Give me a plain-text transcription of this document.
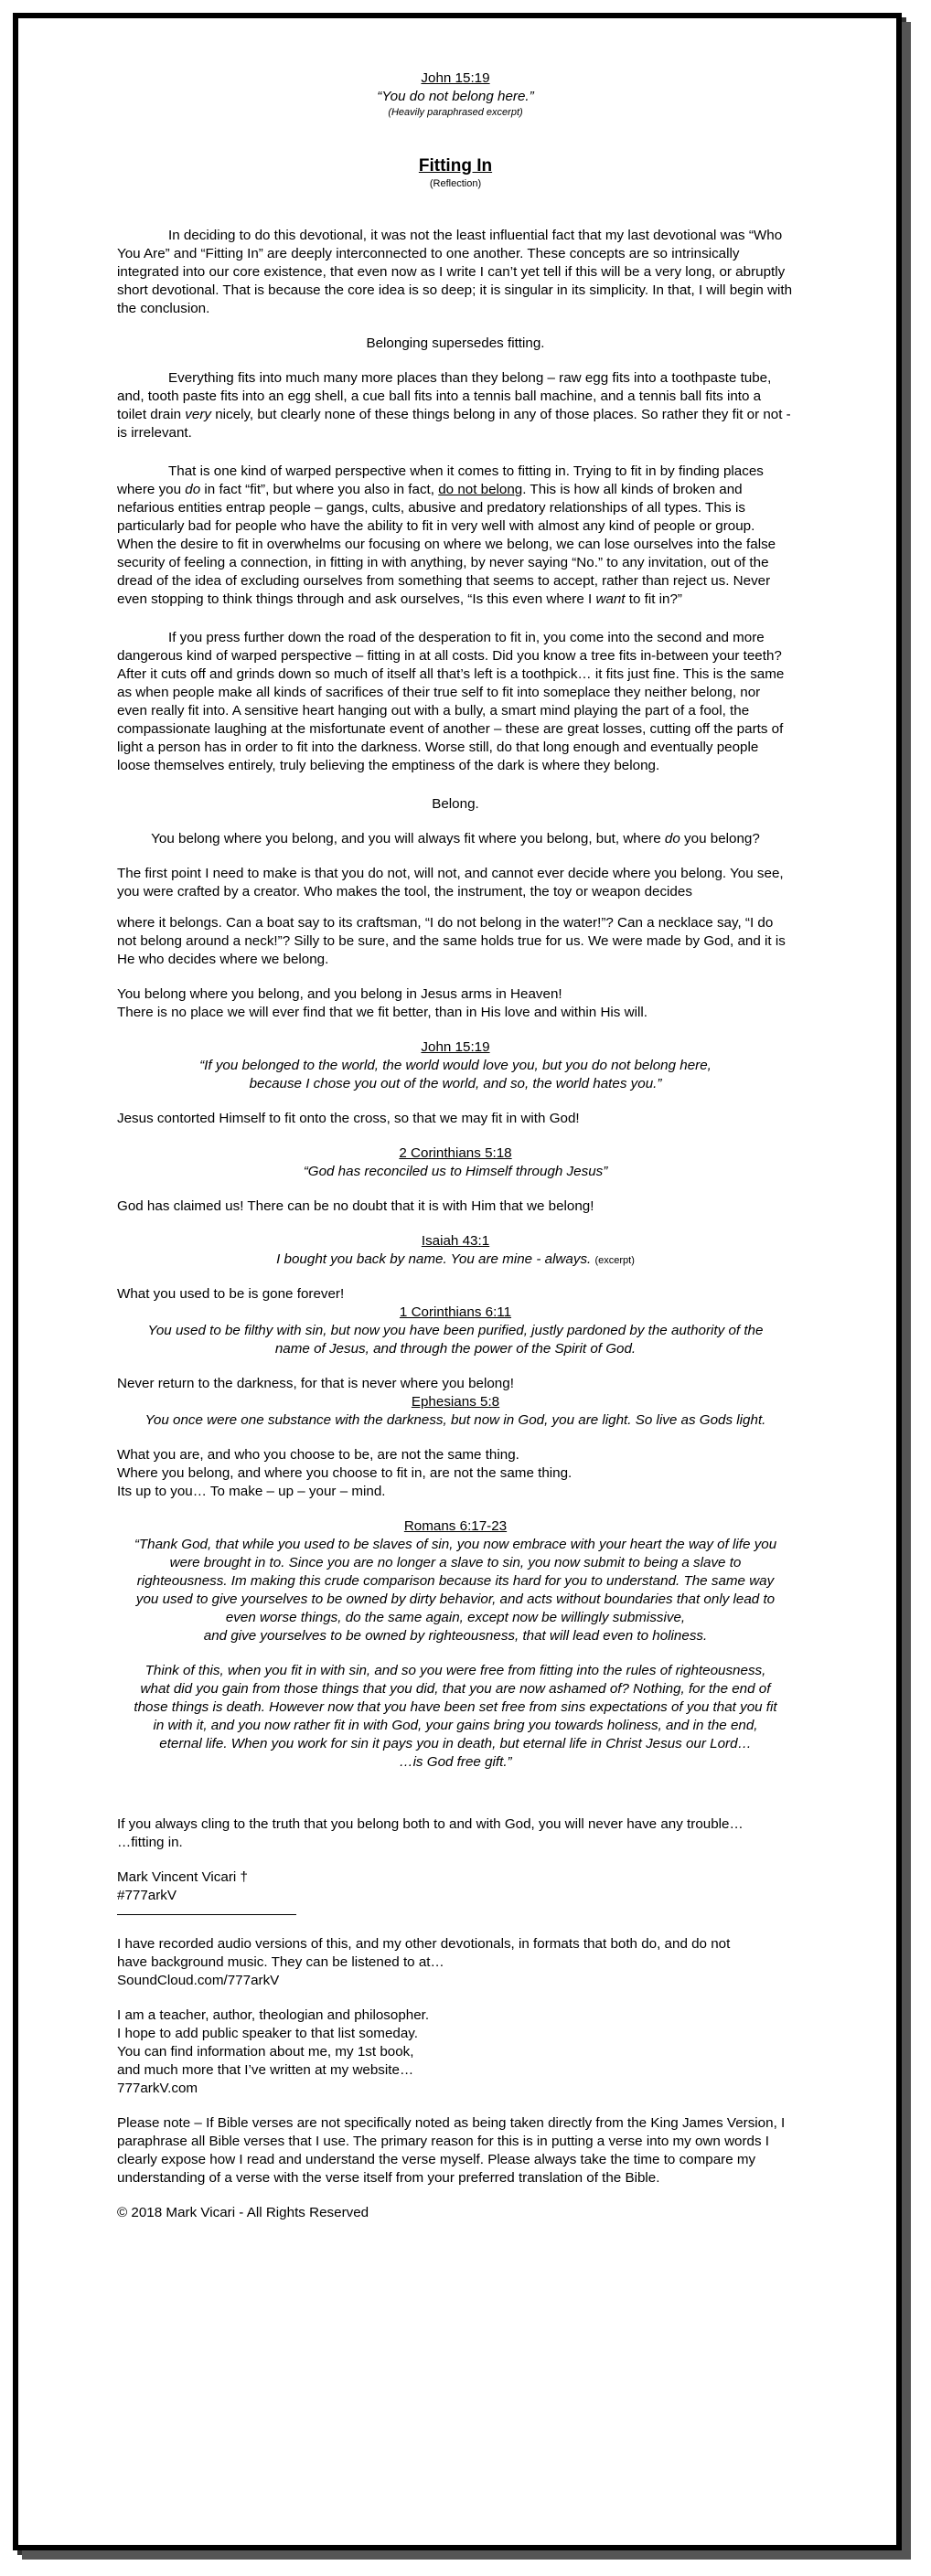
John 15:19
“You do not belong here.”
(Heavily paraphrased excerpt)
Fitting In
(Reflection)

In deciding to do this devotional, it was not the least influential fact that my last devotional was “Who You Are” and “Fitting In” are deeply interconnected to one another. These concepts are so intrinsically integrated into our core existence, that even now as I write I can’t yet tell if this will be a very long, or abruptly short devotional. That is because the core idea is so deep; it is singular in its simplicity. In that, I will begin with the conclusion.

Belonging supersedes fitting.

Everything fits into much many more places than they belong – raw egg fits into a toothpaste tube, and, tooth paste fits into an egg shell, a cue ball fits into a tennis ball machine, and a tennis ball fits into a toilet drain very nicely, but clearly none of these things belong in any of those places. So rather they fit or not - is irrelevant.

That is one kind of warped perspective when it comes to fitting in. Trying to fit in by finding places where you do in fact “fit”, but where you also in fact, do not belong. This is how all kinds of broken and nefarious entities entrap people – gangs, cults, abusive and predatory relationships of all types. This is particularly bad for people who have the ability to fit in very well with almost any kind of people or group. When the desire to fit in overwhelms our focusing on where we belong, we can lose ourselves into the false security of feeling a connection, in fitting in with anything, by never saying “No.” to any invitation, out of the dread of the idea of excluding ourselves from something that seems to accept, rather than reject us. Never even stopping to think things through and ask ourselves, “Is this even where I want to fit in?”

If you press further down the road of the desperation to fit in, you come into the second and more dangerous kind of warped perspective – fitting in at all costs. Did you know a tree fits in-between your teeth? After it cuts off and grinds down so much of itself all that’s left is a toothpick… it fits just fine. This is the same as when people make all kinds of sacrifices of their true self to fit into someplace they neither belong, nor even really fit into. A sensitive heart hanging out with a bully, a smart mind playing the part of a fool, the compassionate laughing at the misfortunate event of another – these are great losses, cutting off the parts of light a person has in order to fit into the darkness. Worse still, do that long enough and eventually people loose themselves entirely, truly believing the emptiness of the dark is where they belong.

Belong.

You belong where you belong, and you will always fit where you belong, but, where do you belong?

The first point I need to make is that you do not, will not, and cannot ever decide where you belong. You see, you were crafted by a creator. Who makes the tool, the instrument, the toy or weapon decides

where it belongs. Can a boat say to its craftsman, “I do not belong in the water!”? Can a necklace say, “I do not belong around a neck!”? Silly to be sure, and the same holds true for us. We were made by God, and it is He who decides where we belong.

You belong where you belong, and you belong in Jesus arms in Heaven!
There is no place we will ever find that we fit better, than in His love and within His will.

John 15:19
“If you belonged to the world, the world would love you, but you do not belong here,
because I chose you out of the world, and so, the world hates you.”

Jesus contorted Himself to fit onto the cross, so that we may fit in with God!

2 Corinthians 5:18
“God has reconciled us to Himself through Jesus”

God has claimed us! There can be no doubt that it is with Him that we belong!

Isaiah 43:1
I bought you back by name. You are mine - always. (excerpt)

What you used to be is gone forever!

1 Corinthians 6:11
You used to be filthy with sin, but now you have been purified, justly pardoned by the authority of the
name of Jesus, and through the power of the Spirit of God.

Never return to the darkness, for that is never where you belong!

Ephesians 5:8
You once were one substance with the darkness, but now in God, you are light. So live as Gods light.

What you are, and who you choose to be, are not the same thing.
Where you belong, and where you choose to fit in, are not the same thing.
Its up to you… To make – up – your – mind.

Romans 6:17-23
“Thank God, that while you used to be slaves of sin, you now embrace with your heart the way of life you
were brought in to. Since you are no longer a slave to sin, you now submit to being a slave to
righteousness. Im making this crude comparison because its hard for you to understand. The same way
you used to give yourselves to be owned by dirty behavior, and acts without boundaries that only lead to
even worse things, do the same again, except now be willingly submissive,
and give yourselves to be owned by righteousness, that will lead even to holiness.
Think of this, when you fit in with sin, and so you were free from fitting into the rules of righteousness,
what did you gain from those things that you did, that you are now ashamed of? Nothing, for the end of
those things is death. However now that you have been set free from sins expectations of you that you fit
in with it, and you now rather fit in with God, your gains bring you towards holiness, and in the end,
eternal life. When you work for sin it pays you in death, but eternal life in Christ Jesus our Lord…
…is God free gift.”

If you always cling to the truth that you belong both to and with God, you will never have any trouble…
…fitting in.

Mark Vincent Vicari †
#777arkV

I have recorded audio versions of this, and my other devotionals, in formats that both do, and do not
have background music. They can be listened to at…
SoundCloud.com/777arkV

I am a teacher, author, theologian and philosopher.
I hope to add public speaker to that list someday.
You can find information about me, my 1st book,
and much more that I’ve written at my website…
777arkV.com

Please note – If Bible verses are not specifically noted as being taken directly from the King James Version, I paraphrase all Bible verses that I use. The primary reason for this is in putting a verse into my own words I clearly expose how I read and understand the verse myself. Please always take the time to compare my understanding of a verse with the verse itself from your preferred translation of the Bible.

© 2018 Mark Vicari - All Rights Reserved
